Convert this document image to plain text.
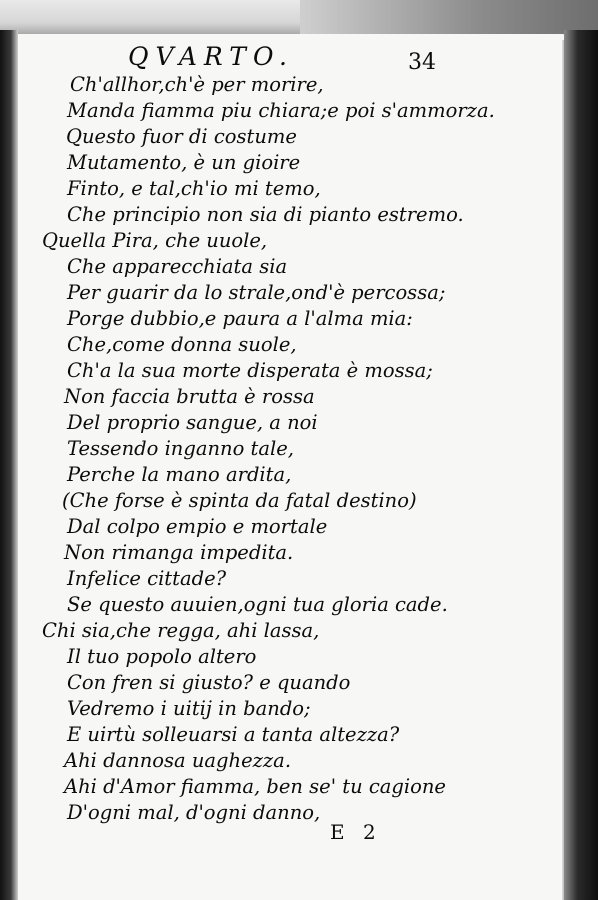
QVARTO.	34
Ch'allhor,ch'è per morire,
Manda fiamma piu chiara;e poi s'ammorza.
Questo fuor di costume
Mutamento, è un gioire
Finto, e tal,ch'io mi temo,
Che principio non sia di pianto estremo.
Quella Pira, che uuole,
Che apparecchiata sia
Per guarir da lo strale,ond'è percossa;
Porge dubbio,e paura a l'alma mia:
Che,come donna suole,
Ch'a la sua morte disperata è mossa;
Non faccia brutta è rossa
Del proprio sangue, a noi
Tessendo inganno tale,
Perche la mano ardita,
(Che forse è spinta da fatal destino)
Dal colpo empio e mortale
Non rimanga impedita.
Infelice cittade?
Se questo auuien,ogni tua gloria cade.
Chi sia,che regga, ahi lassa,
Il tuo popolo altero
Con fren si giusto? e quando
Vedremo i uitij in bando;
E uirtù solleuarsi a tanta altezza?
Ahi dannosa uaghezza.
Ahi d'Amor fiamma, ben se' tu cagione
D'ogni mal, d'ogni danno,
E 2
